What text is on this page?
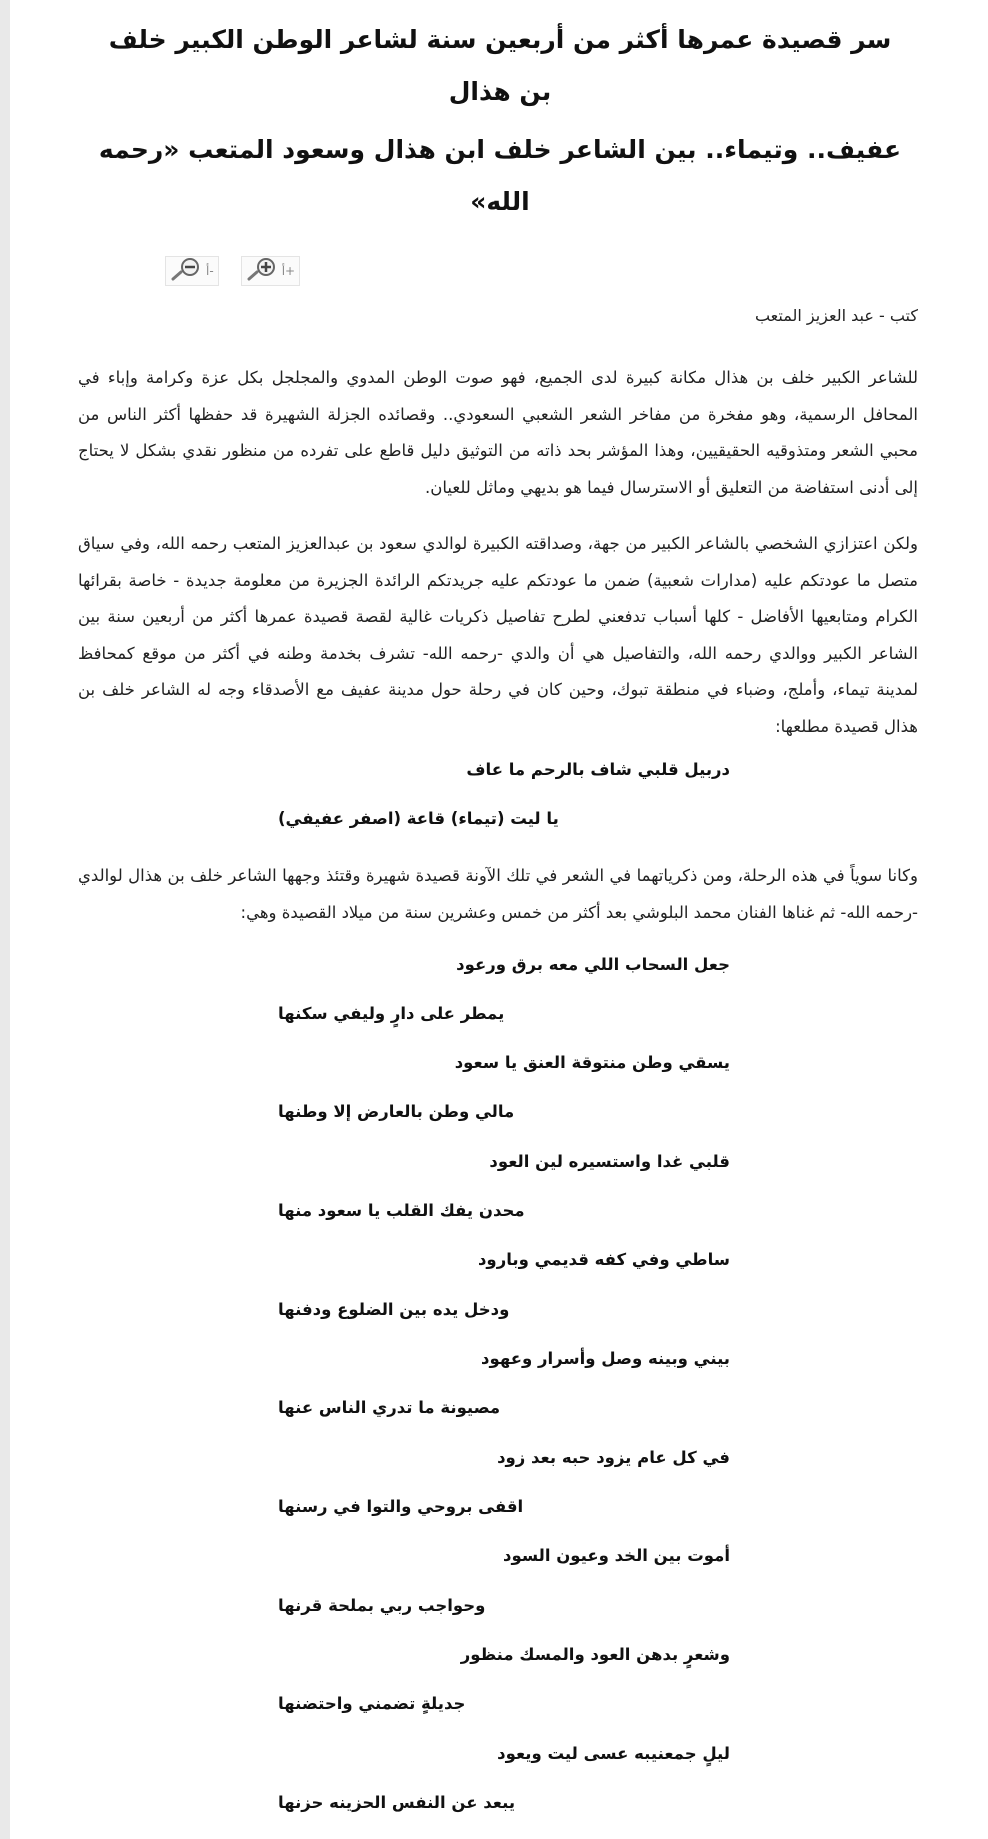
سر قصيدة عمرها أكثر من أربعين سنة لشاعر الوطن الكبير خلف بن هذال
عفيف.. وتيماء.. بين الشاعر خلف ابن هذال وسعود المتعب «رحمه الله»
أ-	أ+

كتب - عبد العزيز المتعب

للشاعر الكبير خلف بن هذال مكانة كبيرة لدى الجميع، فهو صوت الوطن المدوي والمجلجل بكل عزة وكرامة وإباء في المحافل الرسمية، وهو مفخرة من مفاخر الشعر الشعبي السعودي.. وقصائده الجزلة الشهيرة قد حفظها أكثر الناس من محبي الشعر ومتذوقيه الحقيقيين، وهذا المؤشر بحد ذاته من التوثيق دليل قاطع على تفرده من منظور نقدي بشكل لا يحتاج إلى أدنى استفاضة من التعليق أو الاسترسال فيما هو بديهي وماثل للعيان.

ولكن اعتزازي الشخصي بالشاعر الكبير من جهة، وصداقته الكبيرة لوالدي سعود بن عبدالعزيز المتعب رحمه الله، وفي سياق متصل ما عودتكم عليه (مدارات شعبية) ضمن ما عودتكم عليه جريدتكم الرائدة الجزيرة من معلومة جديدة - خاصة بقرائها الكرام ومتابعيها الأفاضل - كلها أسباب تدفعني لطرح تفاصيل ذكريات غالية لقصة قصيدة عمرها أكثر من أربعين سنة بين الشاعر الكبير ووالدي رحمه الله، والتفاصيل هي أن والدي -رحمه الله- تشرف بخدمة وطنه في أكثر من موقع كمحافظ لمدينة تيماء، وأملج، وضباء في منطقة تبوك، وحين كان في رحلة حول مدينة عفيف مع الأصدقاء وجه له الشاعر خلف بن هذال قصيدة مطلعها:

دربيل قلبي شاف بالرحم ما عاف

يا ليت (تيماء) قاعة (اصفر عفيفي)

وكانا سوياً في هذه الرحلة، ومن ذكرياتهما في الشعر في تلك الآونة قصيدة شهيرة وقتئذ وجهها الشاعر خلف بن هذال لوالدي -رحمه الله- ثم غناها الفنان محمد البلوشي بعد أكثر من خمس وعشرين سنة من ميلاد القصيدة وهي:

جعل السحاب اللي معه برق ورعود

يمطر على دارٍ وليفي سكنها

يسقي وطن منتوقة العنق يا سعود

مالي وطن بالعارض إلا وطنها

قلبي غدا واستسيره لين العود

محدن يفك القلب يا سعود منها

ساطي وفي كفه قديمي وبارود

ودخل يده بين الضلوع ودفنها

بيني وبينه وصل وأسرار وعهود

مصيونة ما تدري الناس عنها

في كل عام يزود حبه بعد زود

اقفى بروحي والتوا في رسنها

أموت بين الخد وعيون السود

وحواجب ربي بملحة قرنها

وشعرٍ بدهن العود والمسك منظور

جديلةٍ تضمني واحتضنها

ليلٍ جمعنيبه عسى ليت ويعود

يبعد عن النفس الحزينه حزنها
